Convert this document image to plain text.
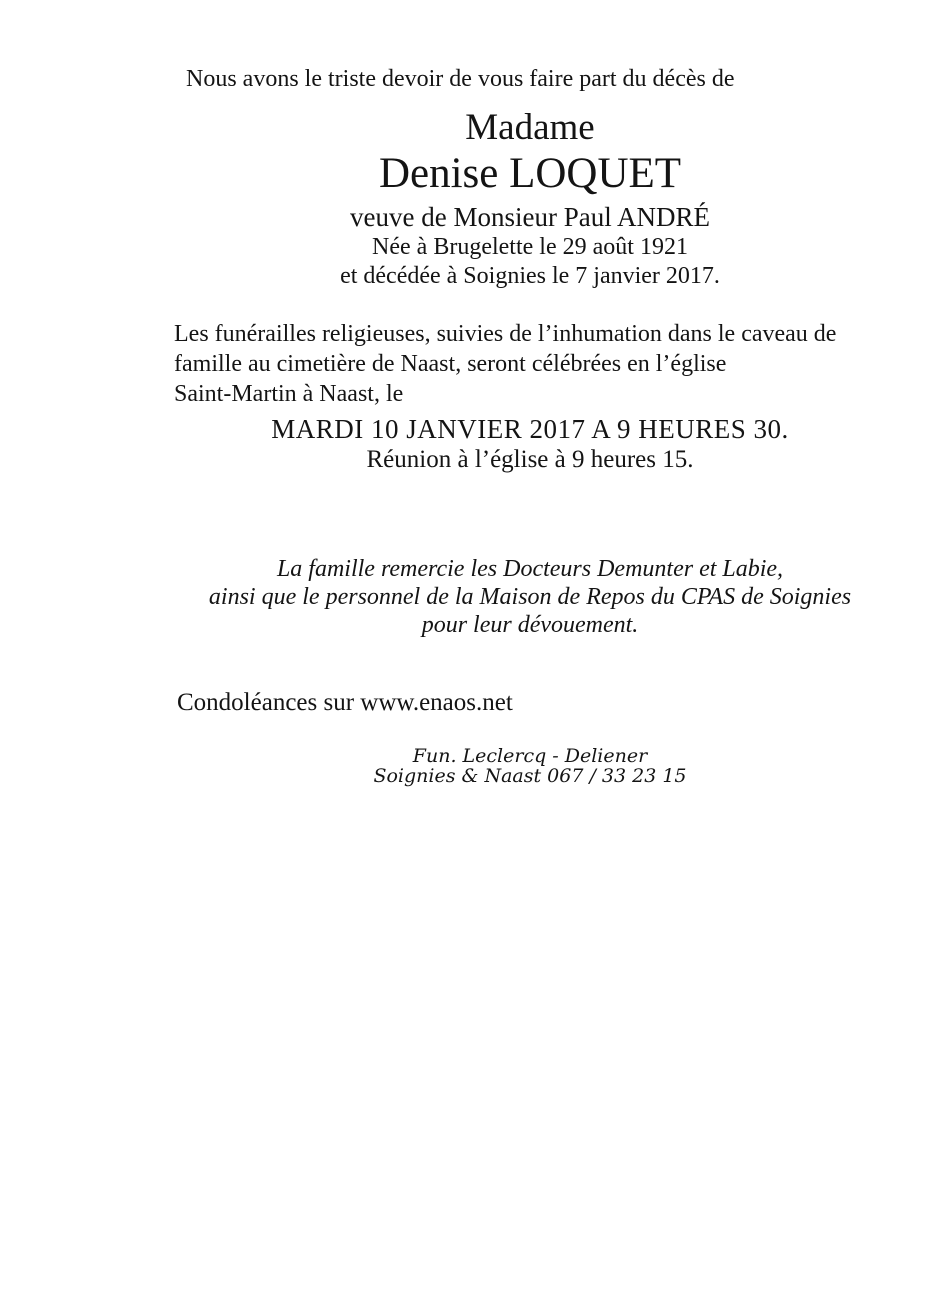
Nous avons le triste devoir de vous faire part du décès de
Madame
Denise LOQUET
veuve de Monsieur Paul ANDRÉ
Née à Brugelette le 29 août 1921
et décédée à Soignies le 7 janvier 2017.
Les funérailles religieuses, suivies de l’inhumation dans le caveau de
famille au cimetière de Naast, seront célébrées en l’église
Saint-Martin à Naast, le
MARDI 10 JANVIER 2017 A 9 HEURES 30.
Réunion à l’église à 9 heures 15.
La famille remercie les Docteurs Demunter et Labie,
ainsi que le personnel de la Maison de Repos du CPAS de Soignies
pour leur dévouement.
Condoléances sur www.enaos.net
Fun. Leclercq - Deliener
Soignies & Naast 067 / 33 23 15
